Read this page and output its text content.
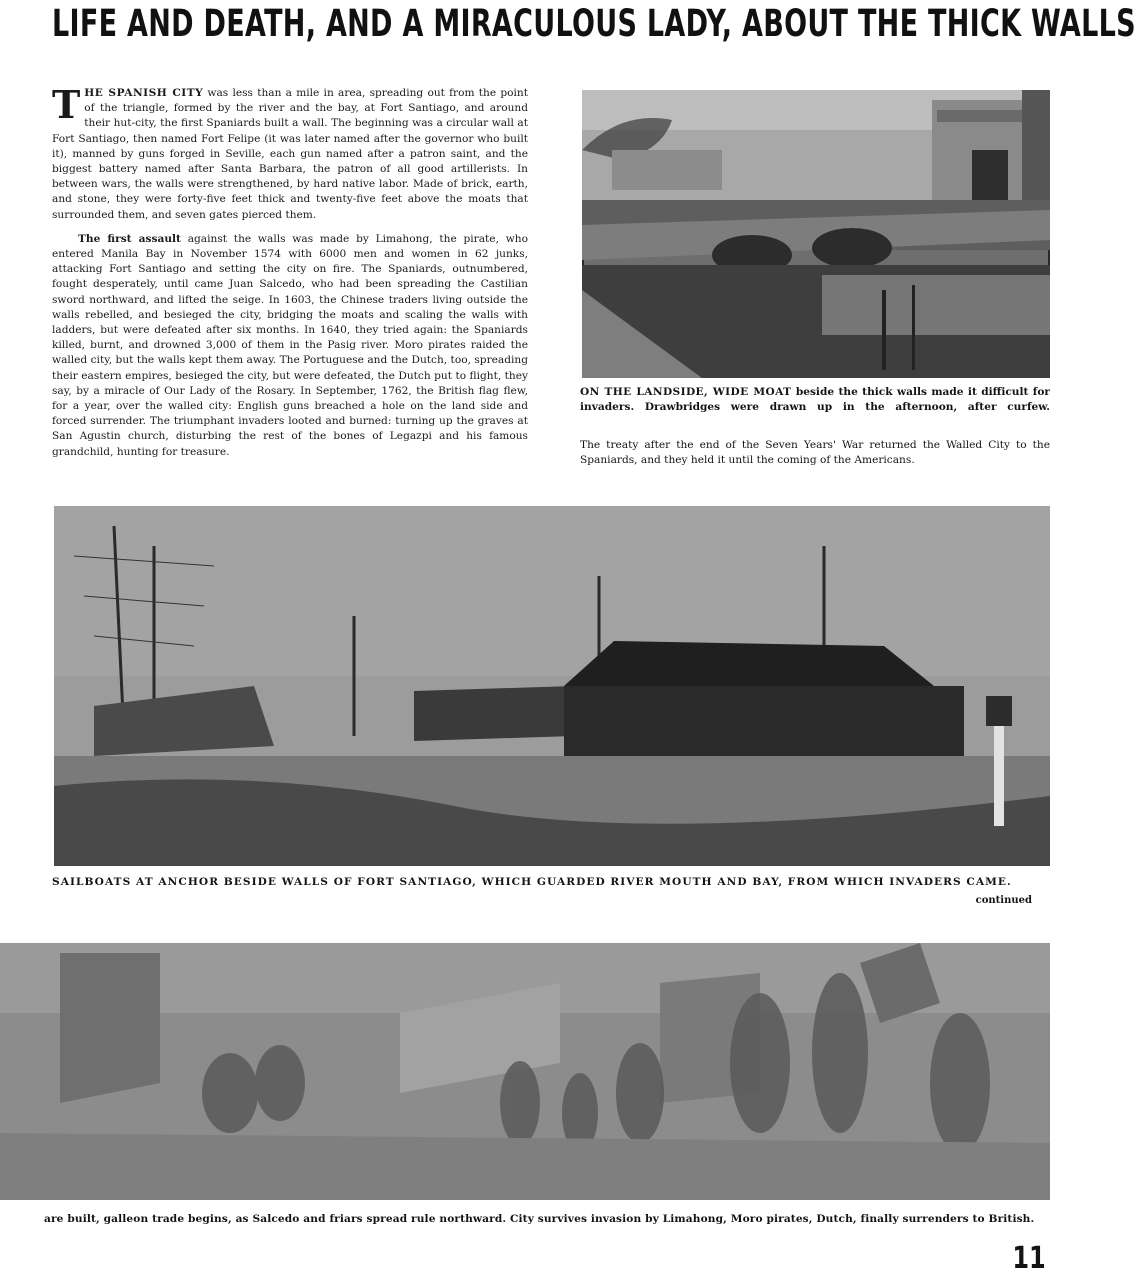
LIFE AND DEATH, AND A MIRACULOUS LADY, ABOUT THE THICK WALLS

THE SPANISH CITY was less than a mile in area, spreading out from the point of the triangle, formed by the river and the bay, at Fort Santiago, and around their hut-city, the first Spaniards built a wall. The beginning was a circular wall at Fort Santiago, then named Fort Felipe (it was later named after the governor who built it), manned by guns forged in Seville, each gun named after a patron saint, and the biggest battery named after Santa Barbara, the patron of all good artillerists. In between wars, the walls were strengthened, by hard native labor. Made of brick, earth, and stone, they were forty-five feet thick and twenty-five feet above the moats that surrounded them, and seven gates pierced them.

The first assault against the walls was made by Limahong, the pirate, who entered Manila Bay in November 1574 with 6000 men and women in 62 junks, attacking Fort Santiago and setting the city on fire. The Spaniards, outnumbered, fought desperately, until came Juan Salcedo, who had been spreading the Castilian sword northward, and lifted the seige. In 1603, the Chinese traders living outside the walls rebelled, and besieged the city, bridging the moats and scaling the walls with ladders, but were defeated after six months. In 1640, they tried again: the Spaniards killed, burnt, and drowned 3,000 of them in the Pasig river. Moro pirates raided the walled city, but the walls kept them away. The Portuguese and the Dutch, too, spreading their eastern empires, besieged the city, but were defeated, the Dutch put to flight, they say, by a miracle of Our Lady of the Rosary. In September, 1762, the British flag flew, for a year, over the walled city: English guns breached a hole on the land side and forced surrender. The triumphant invaders looted and burned: turning up the graves at San Agustin church, disturbing the rest of the bones of Legazpi and his famous grandchild, hunting for treasure.

ON THE LANDSIDE, WIDE MOAT beside the thick walls made it difficult for invaders. Drawbridges were drawn up in the afternoon, after curfew.
The treaty after the end of the Seven Years' War returned the Walled City to the Spaniards, and they held it until the coming of the Americans.
SAILBOATS AT ANCHOR BESIDE WALLS OF FORT SANTIAGO, WHICH GUARDED RIVER MOUTH AND BAY, FROM WHICH INVADERS CAME.
continued
are built, galleon trade begins, as Salcedo and friars spread rule northward. City survives invasion by Limahong, Moro pirates, Dutch, finally surrenders to British.
11
